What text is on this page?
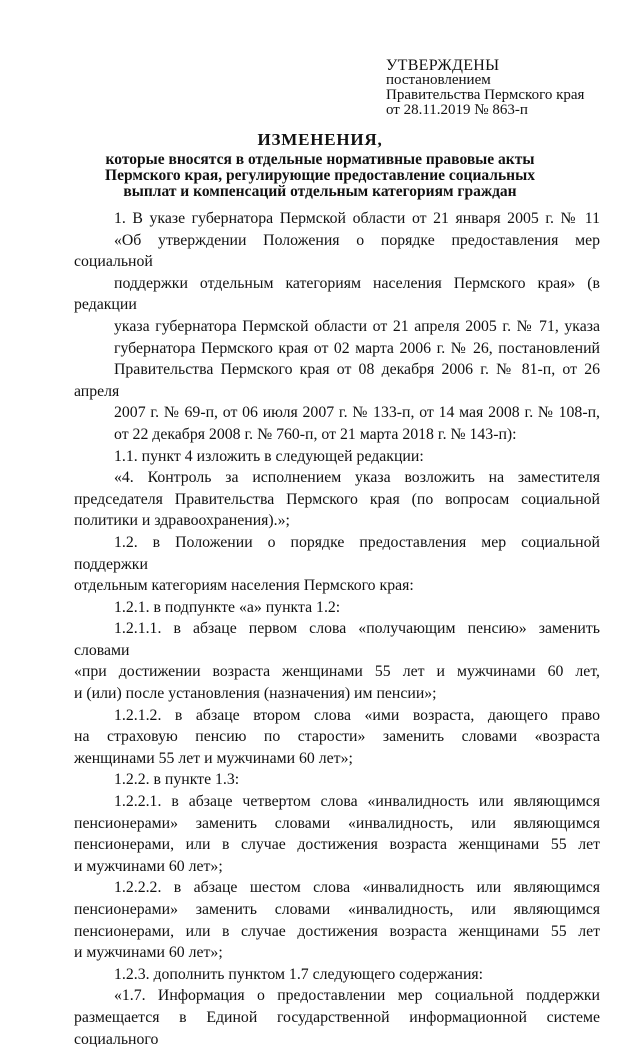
УТВЕРЖДЕНЫ
постановлением
Правительства Пермского края
от 28.11.2019 № 863-п
ИЗМЕНЕНИЯ,
которые вносятся в отдельные нормативные правовые акты
Пермского края, регулирующие предоставление социальных
выплат и компенсаций отдельным категориям граждан

1. В указе губернатора Пермской области от 21 января 2005 г. № 11
«Об утверждении Положения о порядке предоставления мер социальной
поддержки отдельным категориям населения Пермского края» (в редакции
указа губернатора Пермской области от 21 апреля 2005 г. № 71, указа
губернатора Пермского края от 02 марта 2006 г. № 26, постановлений
Правительства Пермского края от 08 декабря 2006 г. № 81-п, от 26 апреля
2007 г. № 69-п, от 06 июля 2007 г. № 133-п, от 14 мая 2008 г. № 108-п,
от 22 декабря 2008 г. № 760-п, от 21 марта 2018 г. № 143-п):

1.1. пункт 4 изложить в следующей редакции:

«4. Контроль за исполнением указа возложить на заместителя
председателя Правительства Пермского края (по вопросам социальной
политики и здравоохранения).»;

1.2. в Положении о порядке предоставления мер социальной поддержки
отдельным категориям населения Пермского края:

1.2.1. в подпункте «а» пункта 1.2:

1.2.1.1. в абзаце первом слова «получающим пенсию» заменить словами
«при достижении возраста женщинами 55 лет и мужчинами 60 лет,
и (или) после установления (назначения) им пенсии»;

1.2.1.2. в абзаце втором слова «ими возраста, дающего право
на страховую пенсию по старости» заменить словами «возраста
женщинами 55 лет и мужчинами 60 лет»;

1.2.2. в пункте 1.3:

1.2.2.1. в абзаце четвертом слова «инвалидность или являющимся
пенсионерами» заменить словами «инвалидность, или являющимся
пенсионерами, или в случае достижения возраста женщинами 55 лет
и мужчинами 60 лет»;

1.2.2.2. в абзаце шестом слова «инвалидность или являющимся
пенсионерами» заменить словами «инвалидность, или являющимся
пенсионерами, или в случае достижения возраста женщинами 55 лет
и мужчинами 60 лет»;

1.2.3. дополнить пунктом 1.7 следующего содержания:

«1.7. Информация о предоставлении мер социальной поддержки
размещается в Единой государственной информационной системе социального
